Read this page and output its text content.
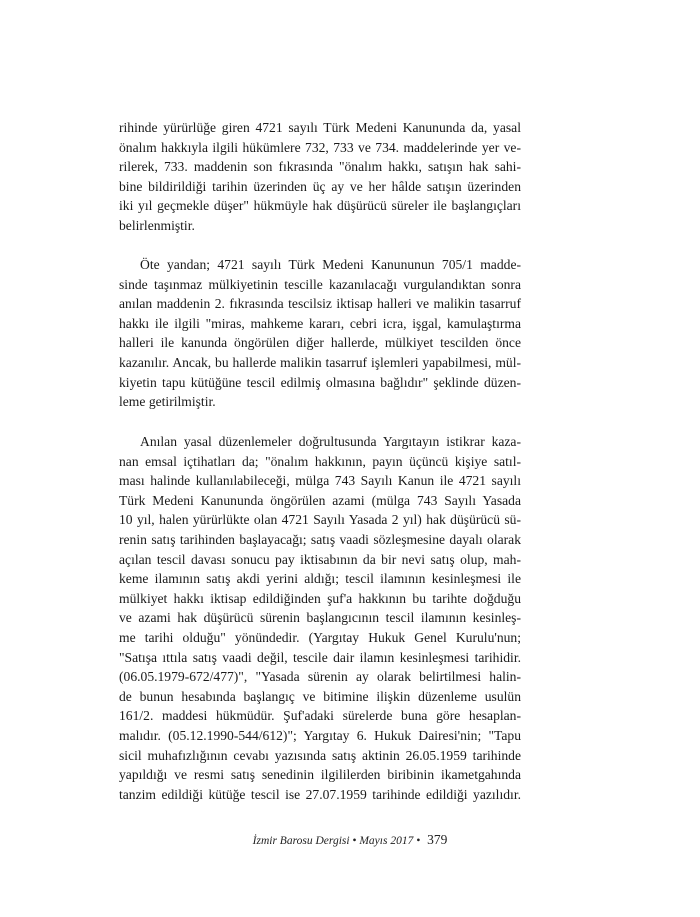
rihinde yürürlüğe giren 4721 sayılı Türk Medeni Kanununda da, yasal
önalım hakkıyla ilgili hükümlere 732, 733 ve 734. maddelerinde yer ve-
rilerek, 733. maddenin son fıkrasında "önalım hakkı, satışın hak sahi-
bine bildirildiği tarihin üzerinden üç ay ve her hâlde satışın üzerinden
iki yıl geçmekle düşer" hükmüyle hak düşürücü süreler ile başlangıçları
belirlenmiştir.
Öte yandan; 4721 sayılı Türk Medeni Kanununun 705/1 madde-
sinde taşınmaz mülkiyetinin tescille kazanılacağı vurgulandıktan sonra
anılan maddenin 2. fıkrasında tescilsiz iktisap halleri ve malikin tasarruf
hakkı ile ilgili "miras, mahkeme kararı, cebri icra, işgal, kamulaştırma
halleri ile kanunda öngörülen diğer hallerde, mülkiyet tescilden önce
kazanılır. Ancak, bu hallerde malikin tasarruf işlemleri yapabilmesi, mül-
kiyetin tapu kütüğüne tescil edilmiş olmasına bağlıdır" şeklinde düzen-
leme getirilmiştir.
Anılan yasal düzenlemeler doğrultusunda Yargıtayın istikrar kaza-
nan emsal içtihatları da; "önalım hakkının, payın üçüncü kişiye satıl-
ması halinde kullanılabileceği, mülga 743 Sayılı Kanun ile 4721 sayılı
Türk Medeni Kanununda öngörülen azami (mülga 743 Sayılı Yasada
10 yıl, halen yürürlükte olan 4721 Sayılı Yasada 2 yıl) hak düşürücü sü-
renin satış tarihinden başlayacağı; satış vaadi sözleşmesine dayalı olarak
açılan tescil davası sonucu pay iktisabının da bir nevi satış olup, mah-
keme ilamının satış akdi yerini aldığı; tescil ilamının kesinleşmesi ile
mülkiyet hakkı iktisap edildiğinden şuf'a hakkının bu tarihte doğduğu
ve azami hak düşürücü sürenin başlangıcının tescil ilamının kesinleş-
me tarihi olduğu" yönündedir. (Yargıtay Hukuk Genel Kurulu'nun;
"Satışa ıttıla satış vaadi değil, tescile dair ilamın kesinleşmesi tarihidir.
(06.05.1979-672/477)", "Yasada sürenin ay olarak belirtilmesi halin-
de bunun hesabında başlangıç ve bitimine ilişkin düzenleme usulün
161/2. maddesi hükmüdür. Şuf'adaki sürelerde buna göre hesaplan-
malıdır. (05.12.1990-544/612)"; Yargıtay 6. Hukuk Dairesi'nin; "Tapu
sicil muhafızlığının cevabı yazısında satış aktinin 26.05.1959 tarihinde
yapıldığı ve resmi satış senedinin ilgililerden biribinin ikametgahında
tanzim edildiği kütüğe tescil ise 27.07.1959 tarihinde edildiği yazılıdır.
İzmir Barosu Dergisi • Mayıs 2017 • 379
